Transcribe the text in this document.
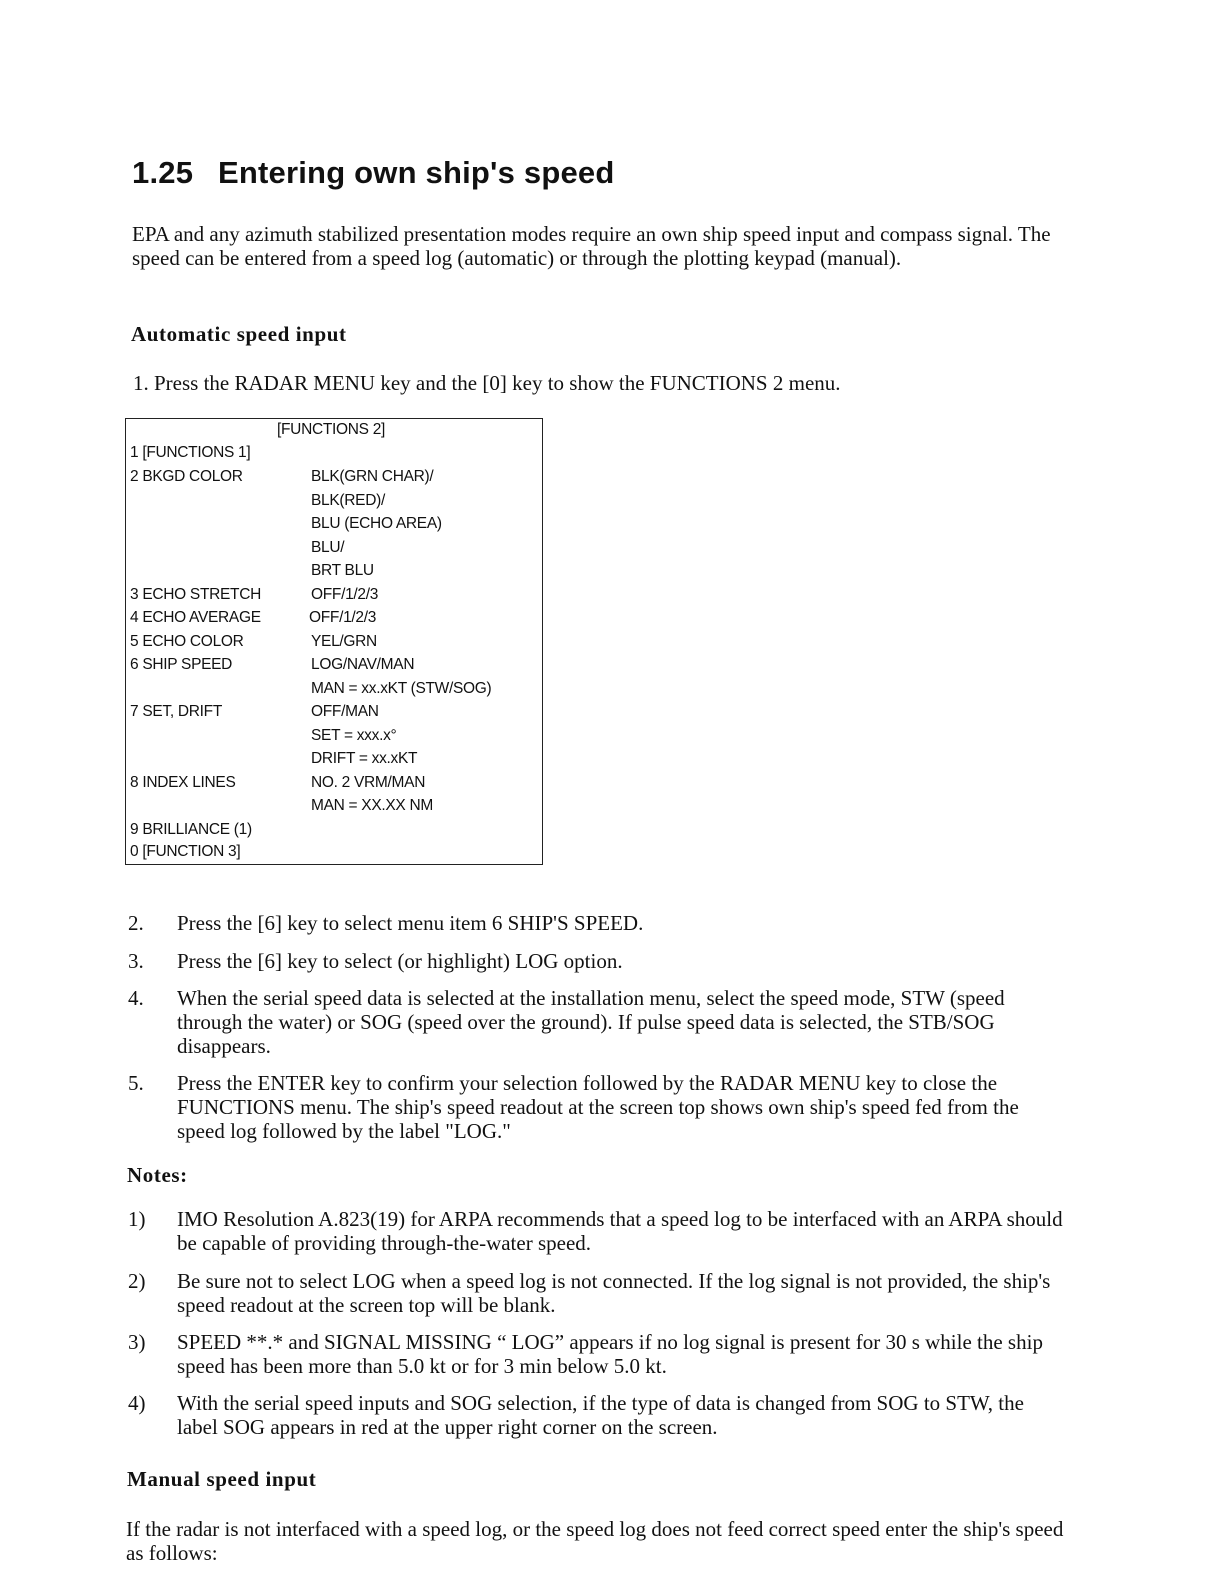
1.25 Entering own ship's speed

EPA and any azimuth stabilized presentation modes require an own ship speed input and compass signal. The speed can be entered from a speed log (automatic) or through the plotting keypad (manual).

Automatic speed input

1. Press the RADAR MENU key and the [0] key to show the FUNCTIONS 2 menu.

[FUNCTIONS 2]
1 [FUNCTIONS 1]
2 BKGD COLOR	BLK(GRN CHAR)/
BLK(RED)/
BLU (ECHO AREA)
BLU/
BRT BLU
3 ECHO STRETCH	OFF/1/2/3
4 ECHO AVERAGE	OFF/1/2/3
5 ECHO COLOR	YEL/GRN
6 SHIP SPEED	LOG/NAV/MAN
MAN = xx.xKT (STW/SOG)
7 SET, DRIFT	OFF/MAN
SET = xxx.x°
DRIFT = xx.xKT
8 INDEX LINES	NO. 2 VRM/MAN
MAN = XX.XX NM
9 BRILLIANCE (1)
0 [FUNCTION 3]
2. Press the [6] key to select menu item 6 SHIP'S SPEED.
3. Press the [6] key to select (or highlight) LOG option.
4. When the serial speed data is selected at the installation menu, select the speed mode, STW (speed through the water) or SOG (speed over the ground). If pulse speed data is selected, the STB/SOG disappears.
5. Press the ENTER key to confirm your selection followed by the RADAR MENU key to close the FUNCTIONS menu. The ship's speed readout at the screen top shows own ship's speed fed from the speed log followed by the label "LOG."
Notes:
1) IMO Resolution A.823(19) for ARPA recommends that a speed log to be interfaced with an ARPA should be capable of providing through-the-water speed.
2) Be sure not to select LOG when a speed log is not connected. If the log signal is not provided, the ship's speed readout at the screen top will be blank.
3) SPEED **.* and SIGNAL MISSING “ LOG” appears if no log signal is present for 30 s while the ship speed has been more than 5.0 kt or for 3 min below 5.0 kt.
4) With the serial speed inputs and SOG selection, if the type of data is changed from SOG to STW, the label SOG appears in red at the upper right corner on the screen.
Manual speed input

If the radar is not interfaced with a speed log, or the speed log does not feed correct speed enter the ship's speed as follows:
